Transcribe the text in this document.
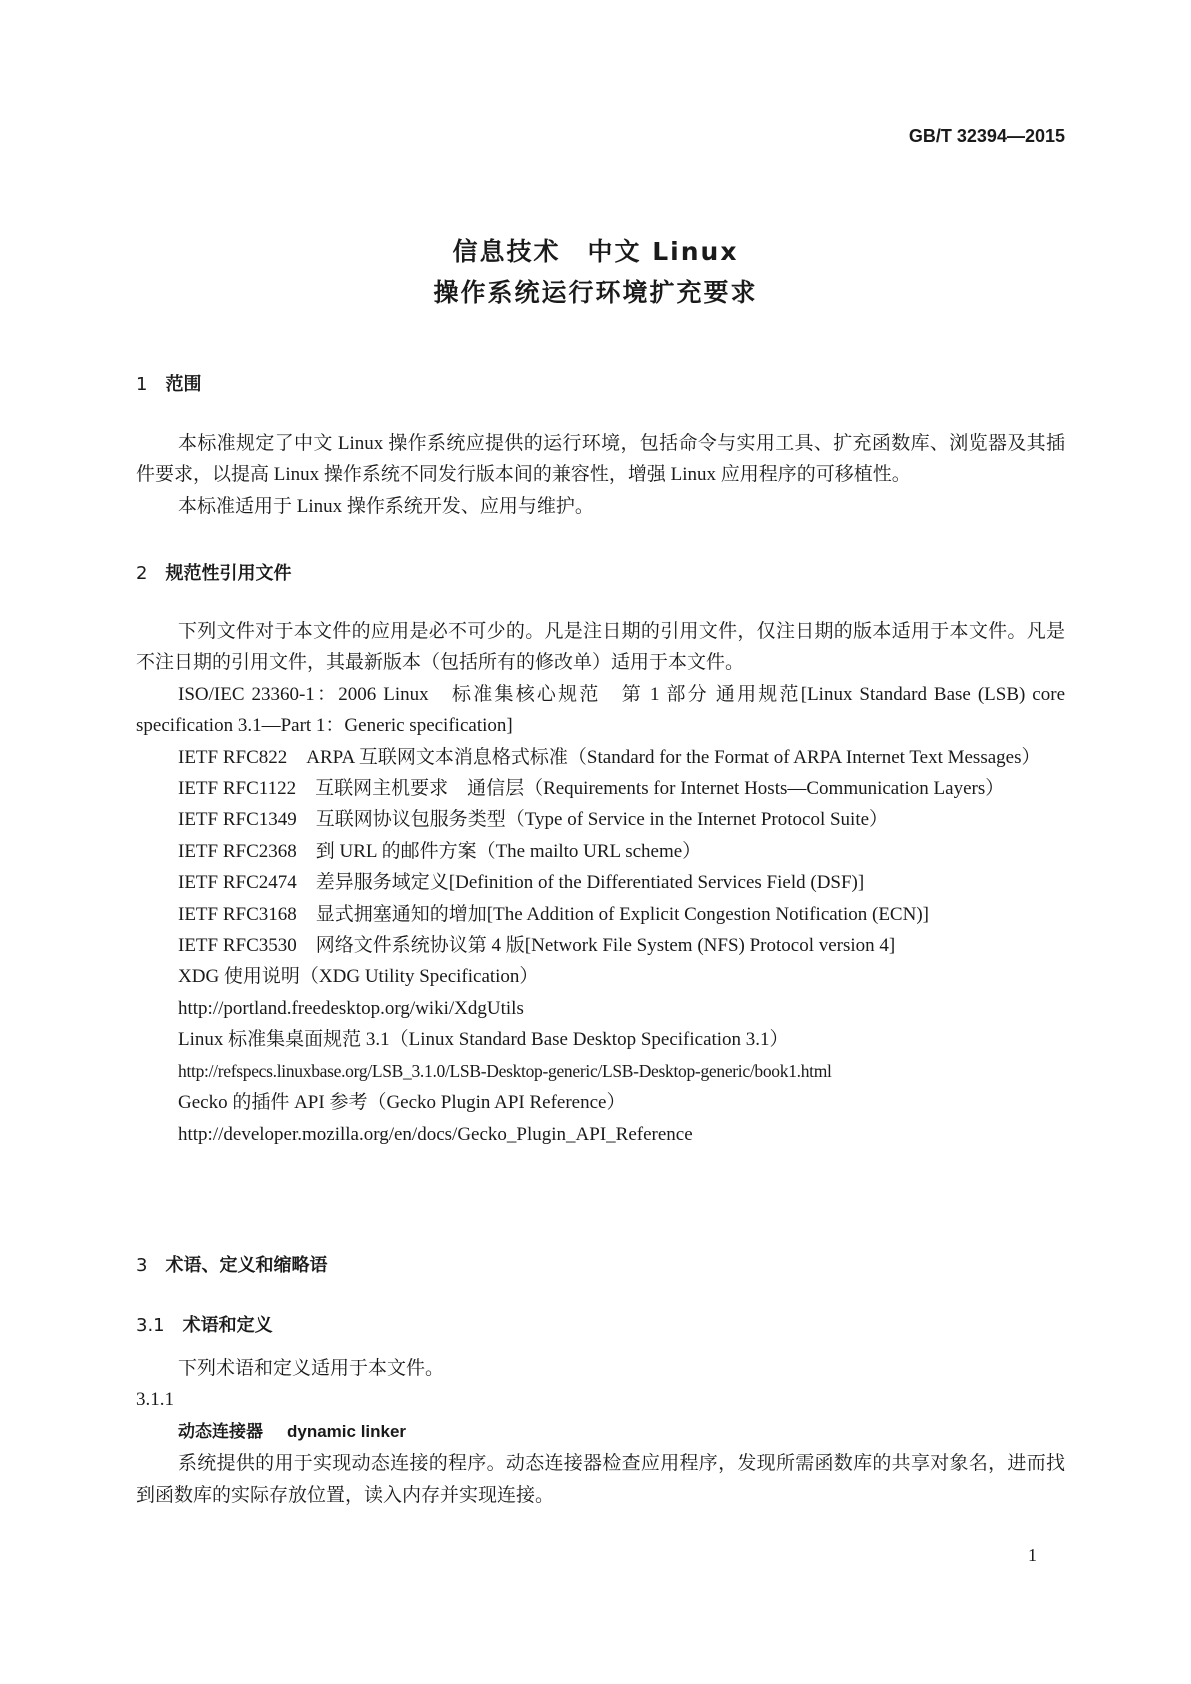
GB/T 32394—2015
信息技术　中文 Linux
操作系统运行环境扩充要求
1 范围

本标准规定了中文 Linux 操作系统应提供的运行环境，包括命令与实用工具、扩充函数库、浏览器及其插件要求，以提高 Linux 操作系统不同发行版本间的兼容性，增强 Linux 应用程序的可移植性。

本标准适用于 Linux 操作系统开发、应用与维护。

2 规范性引用文件

下列文件对于本文件的应用是必不可少的。凡是注日期的引用文件，仅注日期的版本适用于本文件。凡是不注日期的引用文件，其最新版本（包括所有的修改单）适用于本文件。

ISO/IEC 23360-1：2006 Linux　标准集核心规范　第 1 部分 通用规范[Linux Standard Base (LSB) core specification 3.1—Part 1：Generic specification]

IETF RFC822　ARPA 互联网文本消息格式标准（Standard for the Format of ARPA Internet Text Messages）

IETF RFC1122　互联网主机要求　通信层（Requirements for Internet Hosts—Communication Layers）

IETF RFC1349　互联网协议包服务类型（Type of Service in the Internet Protocol Suite）

IETF RFC2368　到 URL 的邮件方案（The mailto URL scheme）

IETF RFC2474　差异服务域定义[Definition of the Differentiated Services Field (DSF)]

IETF RFC3168　显式拥塞通知的增加[The Addition of Explicit Congestion Notification (ECN)]

IETF RFC3530　网络文件系统协议第 4 版[Network File System (NFS) Protocol version 4]

XDG 使用说明（XDG Utility Specification）

http://portland.freedesktop.org/wiki/XdgUtils

Linux 标准集桌面规范 3.1（Linux Standard Base Desktop Specification 3.1）

http://refspecs.linuxbase.org/LSB_3.1.0/LSB-Desktop-generic/LSB-Desktop-generic/book1.html

Gecko 的插件 API 参考（Gecko Plugin API Reference）

http://developer.mozilla.org/en/docs/Gecko_Plugin_API_Reference

3 术语、定义和缩略语
3.1 术语和定义

下列术语和定义适用于本文件。

3.1.1

动态连接器 dynamic linker

系统提供的用于实现动态连接的程序。动态连接器检查应用程序，发现所需函数库的共享对象名，进而找到函数库的实际存放位置，读入内存并实现连接。

1
